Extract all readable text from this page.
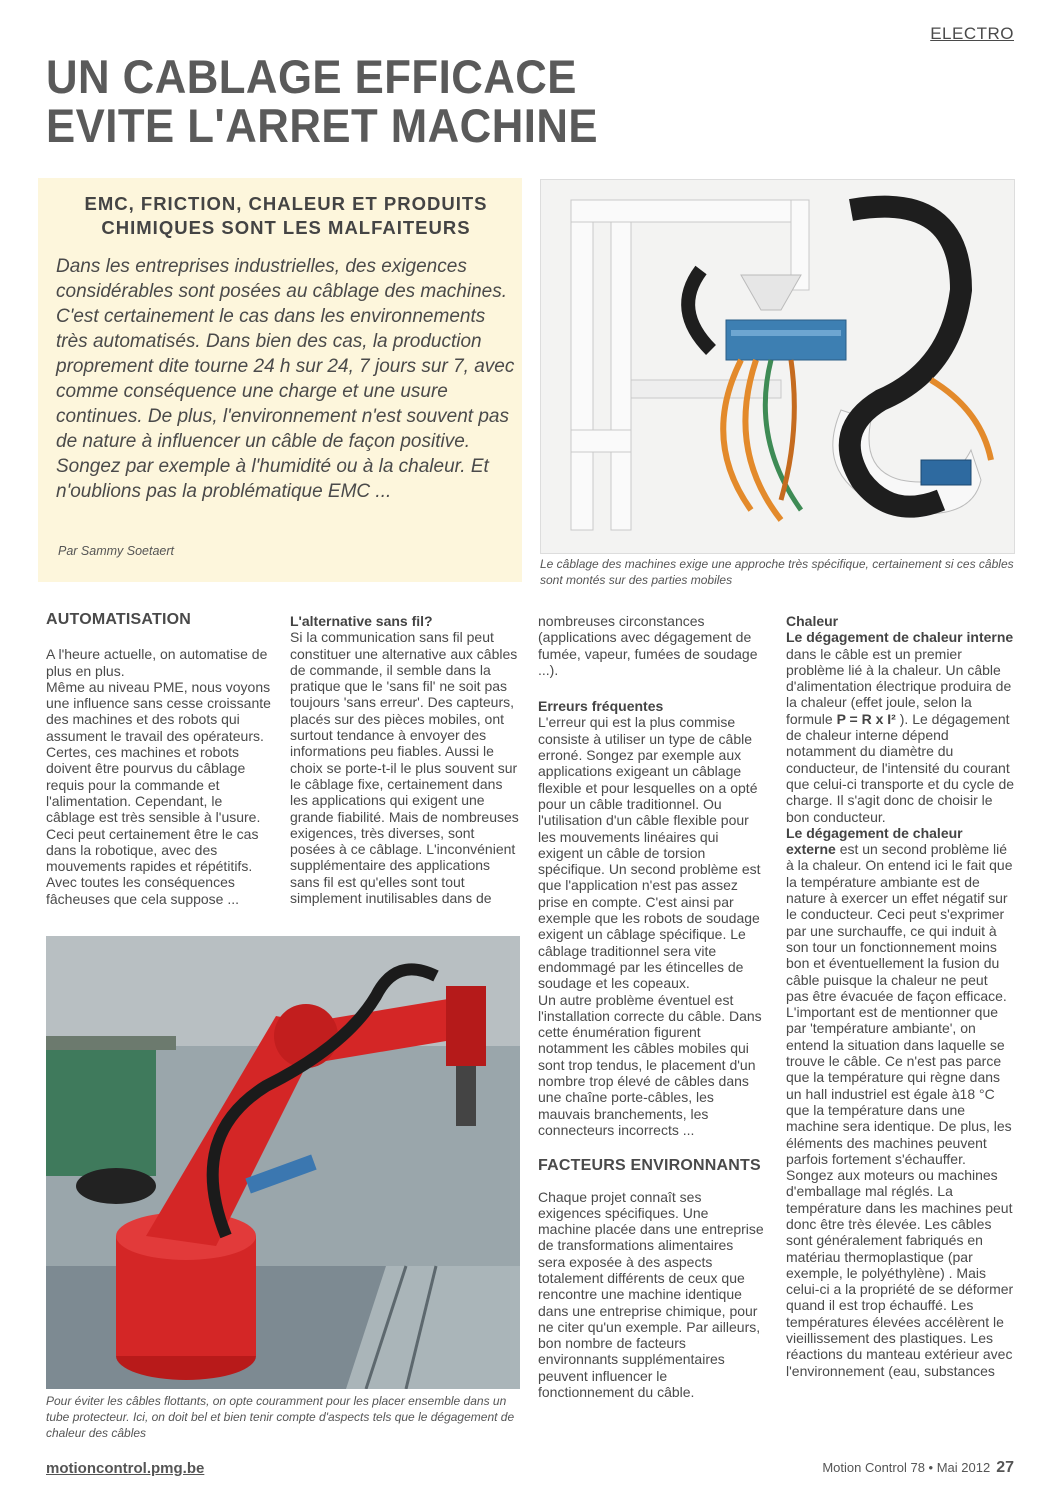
ELECTRO
UN CABLAGE EFFICACE EVITE L'ARRET MACHINE
EMC, FRICTION, CHALEUR ET PRODUITS CHIMIQUES SONT LES MALFAITEURS

Dans les entreprises industrielles, des exigences considérables sont posées au câblage des machines. C'est certainement le cas dans les environnements très automatisés. Dans bien des cas, la production proprement dite tourne 24 h sur 24, 7 jours sur 7, avec comme conséquence une charge et une usure continues. De plus, l'environnement n'est souvent pas de nature à influencer un câble de façon positive. Songez par exemple à l'humidité ou à la chaleur. Et n'oublions pas la problématique EMC ...

Par Sammy Soetaert

Le câblage des machines exige une approche très spécifique, certainement si ces câbles sont montés sur des parties mobiles

AUTOMATISATION

A l'heure actuelle, on automatise de plus en plus.

Même au niveau PME, nous voyons une influence sans cesse croissante des machines et des robots qui assument le travail des opérateurs. Certes, ces machines et robots doivent être pourvus du câblage requis pour la commande et l'alimentation. Cependant, le câblage est très sensible à l'usure. Ceci peut certainement être le cas dans la robotique, avec des mouvements rapides et répétitifs. Avec toutes les conséquences fâcheuses que cela suppose ...

L'alternative sans fil?

Si la communication sans fil peut constituer une alternative aux câbles de commande, il semble dans la pratique que le 'sans fil' ne soit pas toujours 'sans erreur'. Des capteurs, placés sur des pièces mobiles, ont surtout tendance à envoyer des informations peu fiables. Aussi le choix se porte-t-il le plus souvent sur le câblage fixe, certainement dans les applications qui exigent une grande fiabilité. Mais de nombreuses exigences, très diverses, sont posées à ce câblage. L'inconvénient supplémentaire des applications sans fil est qu'elles sont tout simplement inutilisables dans de

Pour éviter les câbles flottants, on opte couramment pour les placer ensemble dans un tube protecteur. Ici, on doit bel et bien tenir compte d'aspects tels que le dégagement de chaleur des câbles

nombreuses circonstances (applications avec dégagement de fumée, vapeur, fumées de soudage ...).

Erreurs fréquentes

L'erreur qui est la plus commise consiste à utiliser un type de câble erroné. Songez par exemple aux applications exigeant un câblage flexible et pour lesquelles on a opté pour un câble traditionnel. Ou l'utilisation d'un câble flexible pour les mouvements linéaires qui exigent un câble de torsion spécifique. Un second problème est que l'application n'est pas assez prise en compte. C'est ainsi par exemple que les robots de soudage exigent un câblage spécifique. Le câblage traditionnel sera vite endommagé par les étincelles de soudage et les copeaux.

Un autre problème éventuel est l'installation correcte du câble. Dans cette énumération figurent notamment les câbles mobiles qui sont trop tendus, le placement d'un nombre trop élevé de câbles dans une chaîne porte-câbles, les mauvais branchements, les connecteurs incorrects ...

FACTEURS ENVIRONNANTS

Chaque projet connaît ses exigences spécifiques. Une machine placée dans une entreprise de transformations alimentaires sera exposée à des aspects totalement différents de ceux que rencontre une machine identique dans une entreprise chimique, pour ne citer qu'un exemple. Par ailleurs, bon nombre de facteurs environnants supplémentaires peuvent influencer le fonctionnement du câble.

Chaleur

Le dégagement de chaleur interne dans le câble est un premier problème lié à la chaleur. Un câble d'alimentation électrique produira de la chaleur (effet joule, selon la formule P = R x I² ). Le dégagement de chaleur interne dépend notamment du diamètre du conducteur, de l'intensité du courant que celui-ci transporte et du cycle de charge. Il s'agit donc de choisir le bon conducteur.

Le dégagement de chaleur externe est un second problème lié à la chaleur. On entend ici le fait que la température ambiante est de nature à exercer un effet négatif sur le conducteur. Ceci peut s'exprimer par une surchauffe, ce qui induit à son tour un fonctionnement moins bon et éventuellement la fusion du câble puisque la chaleur ne peut pas être évacuée de façon efficace. L'important est de mentionner que par 'température ambiante', on entend la situation dans laquelle se trouve le câble. Ce n'est pas parce que la température qui règne dans un hall industriel est égale à18 °C que la température dans une machine sera identique. De plus, les éléments des machines peuvent parfois fortement s'échauffer. Songez aux moteurs ou machines d'emballage mal réglés. La température dans les machines peut donc être très élevée. Les câbles sont généralement fabriqués en matériau thermoplastique (par exemple, le polyéthylène) . Mais celui-ci a la propriété de se déformer quand il est trop échauffé. Les températures élevées accélèrent le vieillissement des plastiques. Les réactions du manteau extérieur avec l'environnement (eau, substances

motioncontrol.pmg.be	Motion Control 78 • Mai 2012 27
